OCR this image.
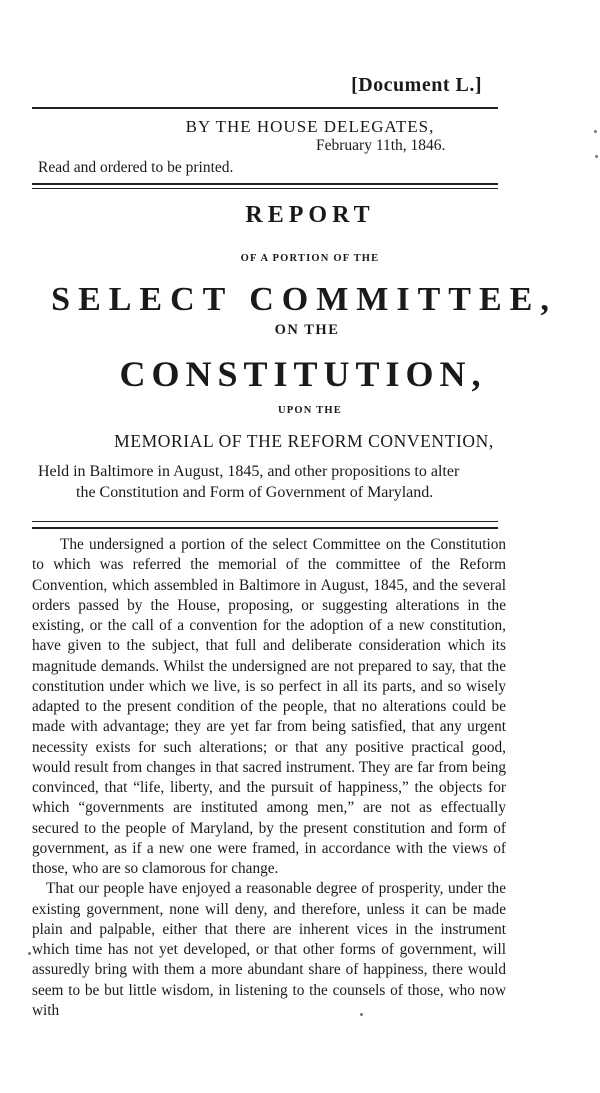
[Document L.]
BY THE HOUSE DELEGATES,
February 11th, 1846.
Read and ordered to be printed.
REPORT
OF A PORTION OF THE
SELECT COMMITTEE,
ON THE
CONSTITUTION,
UPON THE
MEMORIAL OF THE REFORM CONVENTION,
Held in Baltimore in August, 1845, and other propositions to alter
the Constitution and Form of Government of Maryland.

The undersigned a portion of the select Committee on the Constitution to which was referred the memorial of the committee of the Reform Convention, which assembled in Baltimore in August, 1845, and the several orders passed by the House, proposing, or suggesting alterations in the existing, or the call of a convention for the adoption of a new constitution, have given to the subject, that full and deliberate consideration which its magnitude demands. Whilst the undersigned are not prepared to say, that the constitution under which we live, is so perfect in all its parts, and so wisely adapted to the present condition of the people, that no alterations could be made with advantage; they are yet far from being satisfied, that any urgent necessity exists for such alterations; or that any positive practical good, would result from changes in that sacred instrument. They are far from being convinced, that “life, liberty, and the pursuit of happiness,” the objects for which “governments are instituted among men,” are not as effectually secured to the people of Maryland, by the present constitution and form of government, as if a new one were framed, in accordance with the views of those, who are so clamorous for change.

That our people have enjoyed a reasonable degree of prosperity, under the existing government, none will deny, and therefore, unless it can be made plain and palpable, either that there are inherent vices in the instrument which time has not yet developed, or that other forms of government, will assuredly bring with them a more abundant share of happiness, there would seem to be but little wisdom, in listening to the counsels of those, who now with
